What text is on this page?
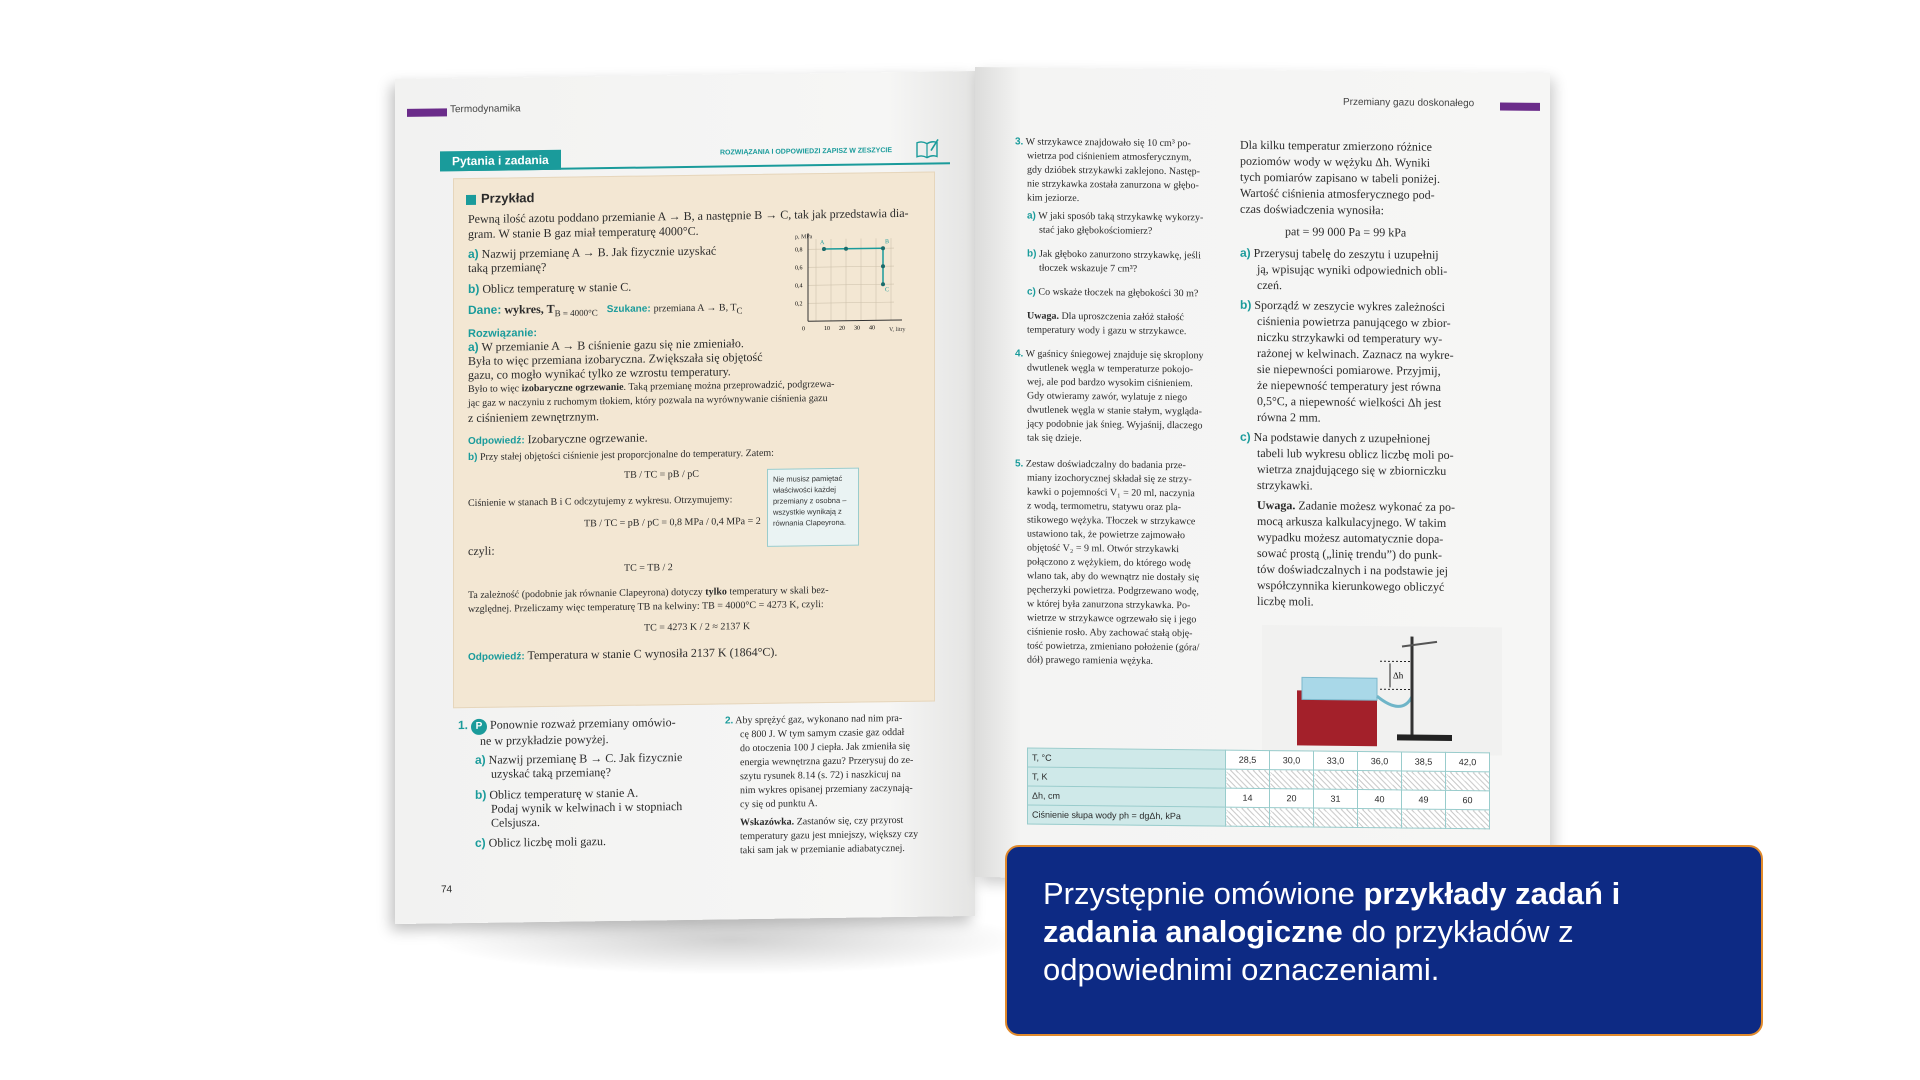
Termodynamika
Pytania i zadania
ROZWIĄZANIA I ODPOWIEDZI ZAPISZ W ZESZYCIE
Przykład
Pewną ilość azotu poddano przemianie A → B, a następnie B → C, tak jak przedstawia dia-
gram. W stanie B gaz miał temperaturę 4000°C.
a) Nazwij przemianę A → B. Jak fizycznie uzyskać
taką przemianę?
b) Oblicz temperaturę w stanie C.
Dane: wykres, $T_{B = 4000^\circ C}$ Szukane: przemiana A → B, $T_C$
p, MPa
V, litry
0,8
0,6
0,4
0,2
0	10 20 30 40
A	B
C
Rozwiązanie:
a) W przemianie A → B ciśnienie gazu się nie zmieniało.
Była to więc przemiana izobaryczna. Zwiększała się objętość
gazu, co mogło wynikać tylko ze wzrostu temperatury.
Było to więc izobaryczne ogrzewanie. Taką przemianę można przeprowadzić, podgrzewa-
jąc gaz w naczyniu z ruchomym tłokiem, który pozwala na wyrównywanie ciśnienia gazu
z ciśnieniem zewnętrznym.
Odpowiedź: Izobaryczne ogrzewanie.
b) Przy stałej objętości ciśnienie jest proporcjonalne do temperatury. Zatem:
TB / TC = pB / pC
Ciśnienie w stanach B i C odczytujemy z wykresu. Otrzymujemy:
TB / TC = pB / pC = 0,8 MPa / 0,4 MPa = 2
czyli:
TC = TB / 2
Ta zależność (podobnie jak równanie Clapeyrona) dotyczy tylko temperatury w skali bez-
względnej. Przeliczamy więc temperaturę TB na kelwiny: TB = 4000°C = 4273 K, czyli:
TC = 4273 K / 2 ≈ 2137 K
Odpowiedź: Temperatura w stanie C wynosiła 2137 K (1864°C).
Nie musisz pamiętać właściwości każdej przemiany z osobna – wszystkie wynikają z równania Clapeyrona.
1. P Ponownie rozważ przemiany omówio-
ne w przykładzie powyżej.
a) Nazwij przemianę B → C. Jak fizycznie
uzyskać taką przemianę?
b) Oblicz temperaturę w stanie A.
Podaj wynik w kelwinach i w stopniach
Celsjusza.
c) Oblicz liczbę moli gazu.
2. Aby sprężyć gaz, wykonano nad nim pra-
cę 800 J. W tym samym czasie gaz oddał
do otoczenia 100 J ciepła. Jak zmieniła się
energia wewnętrzna gazu? Przerysuj do ze-
szytu rysunek 8.14 (s. 72) i naszkicuj na
nim wykres opisanej przemiany zaczynają-
cy się od punktu A.
Wskazówka. Zastanów się, czy przyrost
temperatury gazu jest mniejszy, większy czy
taki sam jak w przemianie adiabatycznej.
74
Przemiany gazu doskonałego
3. W strzykawce znajdowało się 10 cm³ po-
wietrza pod ciśnieniem atmosferycznym,
gdy dzióbek strzykawki zaklejono. Następ-
nie strzykawka została zanurzona w głębo-
kim jeziorze.
a) W jaki sposób taką strzykawkę wykorzy-
stać jako głębokościomierz?
b) Jak głęboko zanurzono strzykawkę, jeśli
tłoczek wskazuje 7 cm³?
c) Co wskaże tłoczek na głębokości 30 m?
Uwaga. Dla uproszczenia załóż stałość
temperatury wody i gazu w strzykawce.
4. W gaśnicy śniegowej znajduje się skroplony
dwutlenek węgla w temperaturze pokojo-
wej, ale pod bardzo wysokim ciśnieniem.
Gdy otwieramy zawór, wylatuje z niego
dwutlenek węgla w stanie stałym, wygląda-
jący podobnie jak śnieg. Wyjaśnij, dlaczego
tak się dzieje.
5. Zestaw doświadczalny do badania prze-
miany izochorycznej składał się ze strzy-
kawki o pojemności V₁ = 20 ml, naczynia
z wodą, termometru, statywu oraz pla-
stikowego wężyka. Tłoczek w strzykawce
ustawiono tak, że powietrze zajmowało
objętość V₂ = 9 ml. Otwór strzykawki
połączono z wężykiem, do którego wodę
wlano tak, aby do wewnątrz nie dostały się
pęcherzyki powietrza. Podgrzewano wodę,
w której była zanurzona strzykawka. Po-
wietrze w strzykawce ogrzewało się i jego
ciśnienie rosło. Aby zachować stałą obję-
tość powietrza, zmieniano położenie (góra/
dół) prawego ramienia wężyka.
Dla kilku temperatur zmierzono różnice
poziomów wody w wężyku Δh. Wyniki
tych pomiarów zapisano w tabeli poniżej.
Wartość ciśnienia atmosferycznego pod-
czas doświadczenia wynosiła:
pat = 99 000 Pa = 99 kPa
a) Przerysuj tabelę do zeszytu i uzupełnij
ją, wpisując wyniki odpowiednich obli-
czeń.
b) Sporządź w zeszycie wykres zależności
ciśnienia powietrza panującego w zbior-
niczku strzykawki od temperatury wy-
rażonej w kelwinach. Zaznacz na wykre-
sie niepewności pomiarowe. Przyjmij,
że niepewność temperatury jest równa
0,5°C, a niepewność wielkości Δh jest
równa 2 mm.
c) Na podstawie danych z uzupełnionej
tabeli lub wykresu oblicz liczbę moli po-
wietrza znajdującego się w zbiorniczku
strzykawki.
Uwaga. Zadanie możesz wykonać za po-
mocą arkusza kalkulacyjnego. W takim
wypadku możesz automatycznie dopa-
sować prostą („linię trendu”) do punk-
tów doświadczalnych i na podstawie jej
współczynnika kierunkowego obliczyć
liczbę moli.
Δh
T, °C	28,5	30,0	33,0	36,0	38,5	42,0
T, K						
Δh, cm	14	20	31	40	49	60
Ciśnienie słupa wody ph = dgΔh, kPa						
Przystępnie omówione przykłady zadań i zadania analogiczne do przykładów z odpowiednimi oznaczeniami.
